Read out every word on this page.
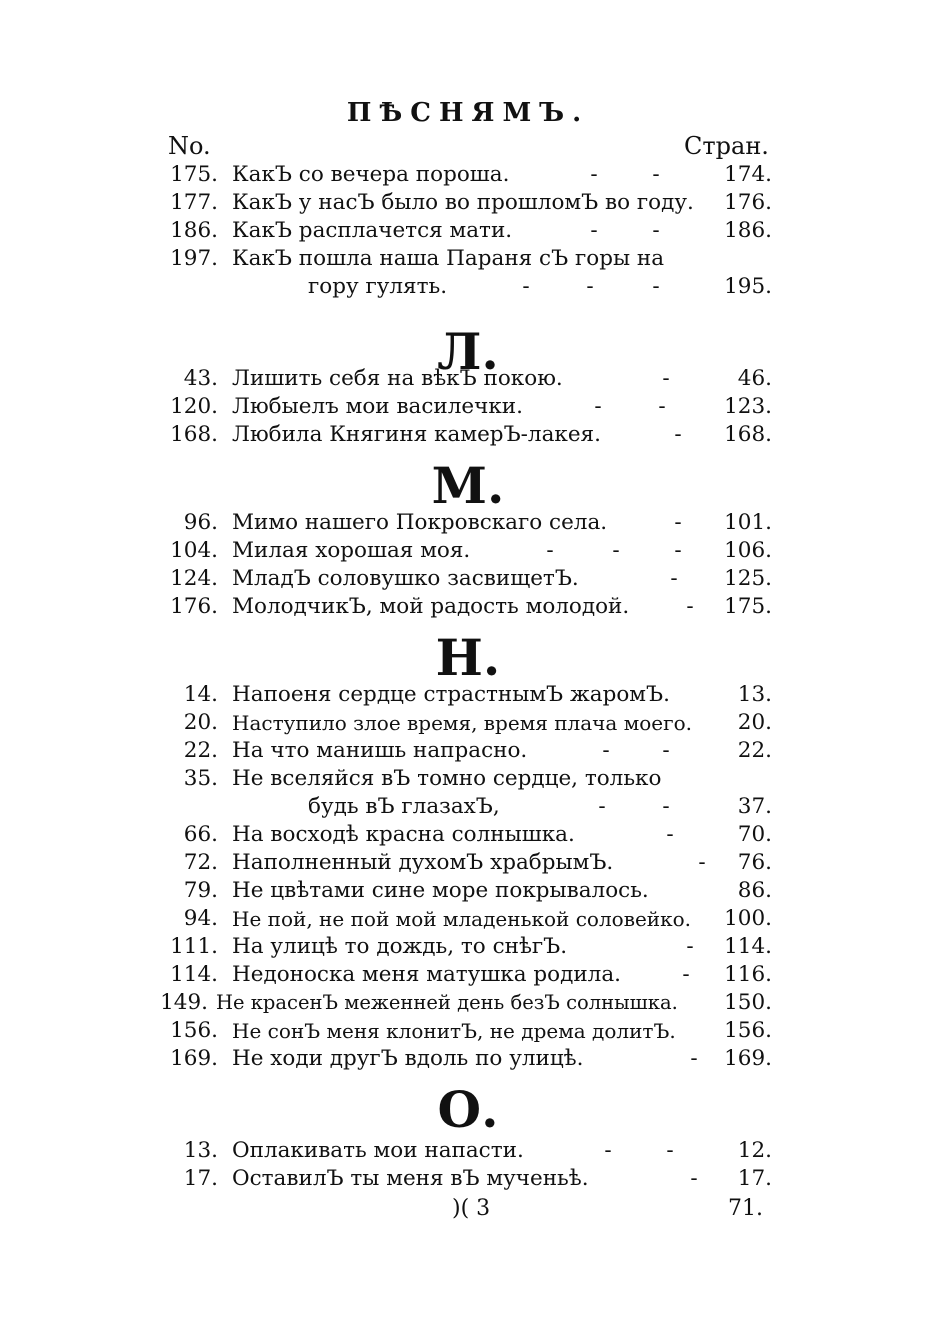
ПѢСНЯМЪ.
No.	Стран.
175. КакЪ со вечера пороша.	-	-	174.
177. КакЪ у насЪ было во прошломЪ во году. 176.
186. КакЪ расплачется мати.	-	-	186.
197. КакЪ пошла наша Параня сЪ горы на
гору гулять.	-	-	-	195.
Л.
43. Лишить себя на вѣкЪ покою.	-	46.
120. Любыелъ мои василечки.	-	-	123.
168. Любила Княгиня камерЪ-лакея.	- 168.
М.
96. Мимо нашего Покровскаго села.	- 101.
104. Милая хорошая моя.	-	-	- 106.
124. МладЪ соловушко засвищетЪ.	- 125.
176. МолодчикЪ, мой радость молодой.	- 175.
Н.
14. Напоеня сердце страстнымЪ жаромЪ.	13.
20. Наступило злое время, время плача моего. 20.
22. На что манишь напрасно.	- -	22.
35. Не вселяйся вЪ томно сердце, только
будь вЪ глазахЪ,	-	-	37.
66. На восходѣ красна солнышка.	-	70.
72. Наполненный духомЪ храбрымЪ.	- 76.
79. Не цвѣтами сине море покрывалось.	86.
94. Не пой, не пой мой младенькой соловейко. 100.
111. На улицѣ то дождь, то снѣгЪ.	- 114.
114. Недоноска меня матушка родила.	- 116.
149. Не красенЪ меженней день безЪ солнышка. 150.
156. Не сонЪ меня клонитЪ, не дрема долитЪ. 156.
169. Не ходи другЪ вдоль по улицѣ.	- 169.
О.
13. Оплакивать мои напасти.	-	-	12.
17. ОставилЪ ты меня вЪ мученьѣ.	- 17.
)( 3	71.
